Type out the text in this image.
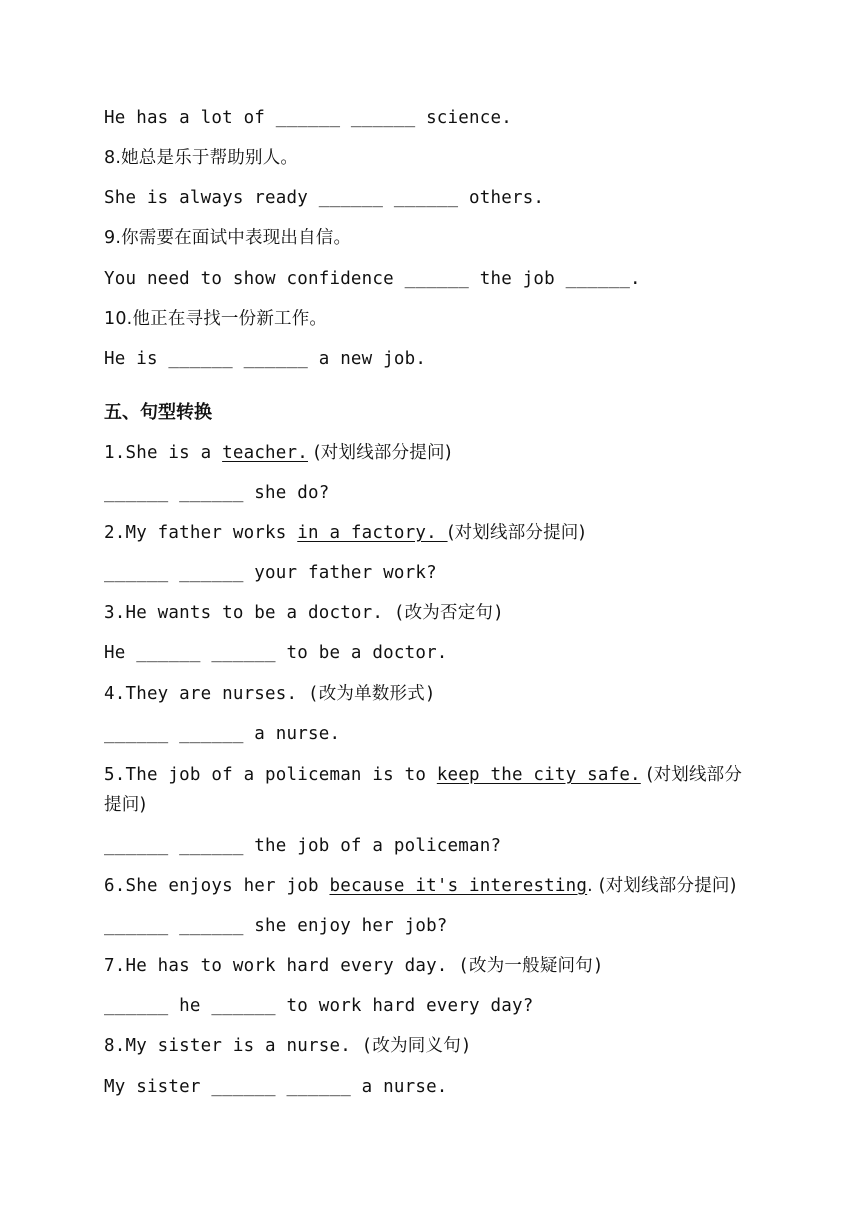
He has a lot of ______ ______ science.
8.她总是乐于帮助别人。
She is always ready ______ ______ others.
9.你需要在面试中表现出自信。
You need to show confidence ______ the job ______.
10.他正在寻找一份新工作。
He is ______ ______ a new job.
五、句型转换
1.She is a teacher. (对划线部分提问)
______ ______ she do?
2.My father works in a factory. (对划线部分提问)
______ ______ your father work?
3.He wants to be a doctor. (改为否定句)
He ______ ______ to be a doctor.
4.They are nurses. (改为单数形式)
______ ______ a nurse.
5.The job of a policeman is to keep the city safe. (对划线部分提问)
______ ______ the job of a policeman?
6.She enjoys her job because it's interesting. (对划线部分提问)
______ ______ she enjoy her job?
7.He has to work hard every day. (改为一般疑问句)
______ he ______ to work hard every day?
8.My sister is a nurse. (改为同义句)
My sister ______ ______ a nurse.
